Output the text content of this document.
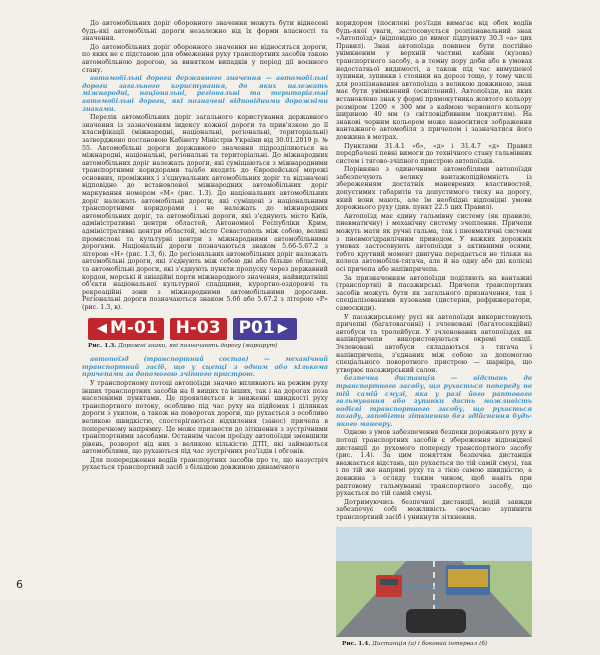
До автомобільних доріг оборонного значення можуть бути віднесені будь-які автомобільні дороги незалежно від їх форми власності та значення.

До автомобільних доріг оборонного значення не відносяться дороги, по яких не є підставою для обмеження руху транспортних засобів такою автомобільною дорогою, за винятком випадків у період дії воєнного стану.

автомобільні дороги державного значення — автомобільні дороги загального користування, до яких належать міжнародні, національні, регіональні та територіальні автомобільні дороги, які позначені відповідними дорожніми знаками.

Перелік автомобільних доріг загального користування державного значення із зазначенням індексу кожної дороги та прив'язкою до її класифікації (міжнародні, національні, регіональні, територіальні) затверджено постановою Кабінету Міністрів України від 30.01.2019 р. № 55. Автомобільні дороги державного значення підрозділяються на міжнародні, національні, регіональні та територіальні. До міжнародних автомобільних доріг належать дороги, які суміщаються з міжнародними транспортними коридорами та/або входять до Європейської мережі основних, проміжних і з'єднувальних автомобільних доріг та відзначені відповідно до встановленої міжнародних автомобільних доріг маркування номером «М» (рис. 1.3). До національних автомобільних доріг належать автомобільні дороги, які суміщені з національними транспортними коридорами і не належать до міжнародних автомобільних доріг, та автомобільні дороги, які з'єднують місто Київ, адміністративні центри областей, Автономної Республіки Крим, адміністративні центри областей, місто Севастополь між собою, великі промислові та культурні центри з міжнародними автомобільними дорогами. Національні дороги позначаються знаком 5.66-5.67.2 з літерою «Н» (рис. 1.3, б). До регіональних автомобільних доріг належать автомобільні дороги, які з'єднують між собою дві або більше областей, та автомобільні дороги, які з'єднують пункти пропуску через державний кордон, морські й авіаційні порти міжнародного значення, найвидатніші об'єкти національної культурної спадщини, курортно-оздоровчі та рекреаційні зони з міжнародними автомобільними дорогами. Регіональні дороги позначаються знаком 5.66 або 5.67.2 з літерою «Р» (рис. 1.3, в).

◀ M-01 H-03 P01 ▶
Рис. 1.3. Дорожні знаки, які позначають дорогу (маршрут)

автопоїзд (транспортний состав) — механічний транспортний засіб, що у сцепці з одним або кількома причепами за допомогою зчіпного пристрою.

У транспортному потоці автопоїзди значно впливають на режим руху інших транспортних засобів на 8 вищих та інших, так і на дорогах поза населеними пунктами. Це проявляється в зниженні швидкості руху транспортного потоку, особливо під час руху на підйомах і ділянках дороги з ухилом, а також на поворотах дороги, що рухається з особливо великою швидкістю, спостерігаються відхилення (занос) причепа в поперечному напрямку. Це може призвести до зіткнення з зустрічними транспортними засобами. Останнім часом проїзду автопоїзди зменшили рівень, розворот від них з великою кількістю ДТП, які займаються автомобілями, що рухаються під час зустрічних роз'їздів і обгонів.

Для попередження водіїв транспортних засобів про те, що назустріч рухається транспортний засіб з більшою довжиною динамічного

коридором (посилені роз'їзди вимагає від обох водіїв будь-якої уваги, застосовується розпізнавальний знак «Автопоїзд» (відповідно до вимог підпункту 30.3 «а» цих Правил). Знак автопоїзда повинен бути постійно увімкненим у верхній частині кабіни (кузова) транспортного засобу, а в темну пору доби або в умовах недостатньої видимості, а також під час вимушеної зупинки, зупинки і стоянки на дорозі тощо, у тому числі для розпізнавання автопоїзда з великою довжиною, знак має бути увімкнений (освітлений). Автопоїзди, на яких встановлено знак у формі прямокутника жовтого кольору розміром 1200 × 300 мм з каймою червоного кольору шириною 40 мм (з світловідбивним покриттям). На знакові чорним кольором може наноситися зображення вантажного автомобіля з причепом і зазначатися його довжина в метрах.

Пунктами 31.4.1 «б», «д» і 31.4.7 «д» Правил передбачені певні вимоги до технічного стану гальмівних систем і тягово-зчіпного пристрою автопоїздів.

Порівняно з одиночними автомобілями автопоїзди забезпечують велику вантажопідйомність із збереженням достатніх маневрених властивостей, допустимих габаритів та допустимого тиску на дорогу, який вони мають, але їм необхідні відповідні умови дорожнього руху (див. пункт 22.5 цих Правил).

Автопоїзд має єдину гальмівну систему (як правило, пневматичну) і механічну систему зчеплення. Причепи можуть мати як ручні гальма, так і пневматичні системи з пневмогідравлічним приводом. У важких дорожніх умовах застосовують автопоїзди з активними осями, тобто крутний момент двигуна передається не тільки на колеса автомобіля-тягача, але й на одну або дві колісні осі причепа або напівпричепа.

За призначенням автопоїзди поділяють на вантажні (транспортні) й пасажирські. Причепи транспортних засобів можуть бути як загального призначення, так і спеціалізованими кузовами (цистерни, рефрижератори, самоскиди).

У пасажирському русі як автопоїзди використовують причепні (багатовагонні) і зчленовані (багатосекційні) автобуси та тролейбуси. У зчленованих автопоїздах як напівпричепи використовуються окремі секції. Зчленовані автобуси складаються з тягача і напівпричепа, з'єднаних між собою за допомогою спеціального поворотного пристрою — шарніра, що утворює пасажирський салон.

безпечна дистанція — відстань до транспортного засобу, що рухається попереду по тій самій смузі, яка у разі його раптового гальмування або зупинки дасть можливість водієві транспортного засобу, що рухається позаду, запобігти зіткненню без здійснення будь-якого маневру.

Одною з умов забезпечення безпеки дорожнього руху в потоці транспортних засобів є збереження відповідної дистанції до рухомого попереду транспортного засобу (рис. 1.4). За цим поняттям безпечна дистанція вважається відстань, що рухається по тій самій смузі, так і по тій же напрямі руху та з тією самою швидкістю, а довжина з огляду таким чином, щоб навіть при раптовому гальмуванні транспортного засобу, що рухається по тій самій смузі.

Дотримуючись безпечної дистанції, водій завжди забезпечує собі можливість своєчасно зупинити транспортний засіб і уникнути зіткнення.

Рис. 1.4. Дистанція (а) і боковий інтервал (б)
6
